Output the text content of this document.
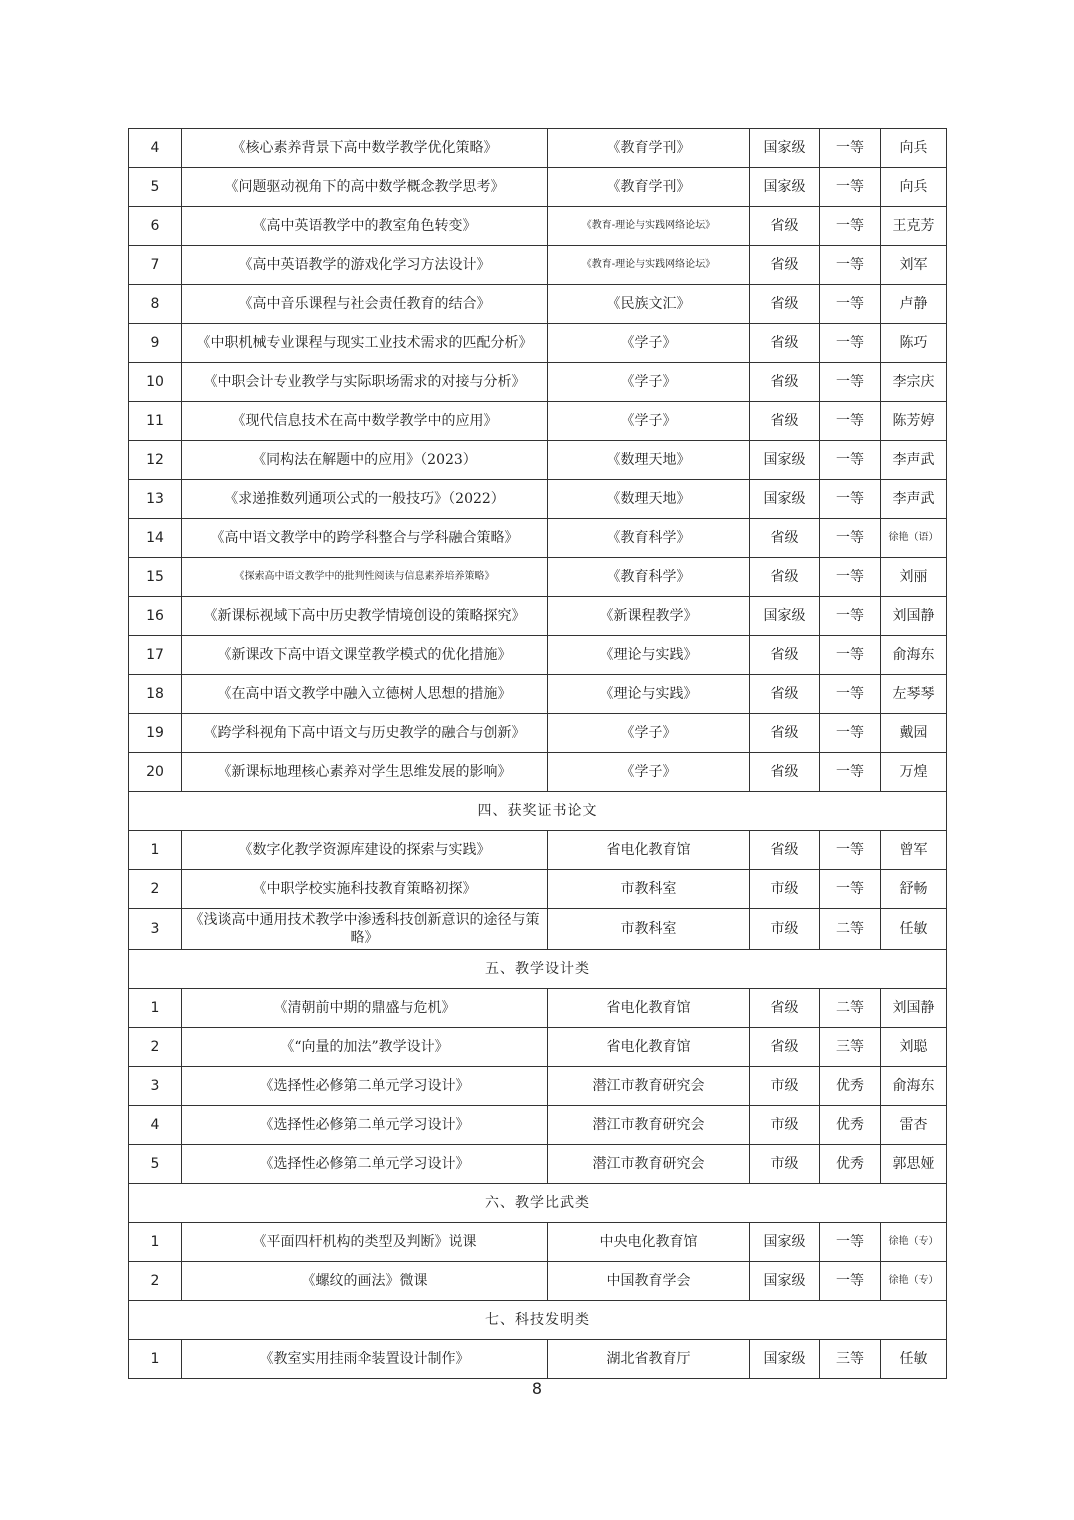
4	《核心素养背景下高中数学教学优化策略》	《教育学刊》	国家级	一等	向兵
5	《问题驱动视角下的高中数学概念教学思考》	《教育学刊》	国家级	一等	向兵
6	《高中英语教学中的教室角色转变》	《教育-理论与实践网络论坛》	省级	一等	王克芳
7	《高中英语教学的游戏化学习方法设计》	《教育-理论与实践网络论坛》	省级	一等	刘军
8	《高中音乐课程与社会责任教育的结合》	《民族文汇》	省级	一等	卢静
9	《中职机械专业课程与现实工业技术需求的匹配分析》	《学子》	省级	一等	陈巧
10	《中职会计专业教学与实际职场需求的对接与分析》	《学子》	省级	一等	李宗庆
11	《现代信息技术在高中数学教学中的应用》	《学子》	省级	一等	陈芳婷
12	《同构法在解题中的应用》（2023）	《数理天地》	国家级	一等	李声武
13	《求递推数列通项公式的一般技巧》（2022）	《数理天地》	国家级	一等	李声武
14	《高中语文教学中的跨学科整合与学科融合策略》	《教育科学》	省级	一等	徐艳（语）
15	《探索高中语文教学中的批判性阅读与信息素养培养策略》	《教育科学》	省级	一等	刘丽
16	《新课标视域下高中历史教学情境创设的策略探究》	《新课程教学》	国家级	一等	刘国静
17	《新课改下高中语文课堂教学模式的优化措施》	《理论与实践》	省级	一等	俞海东
18	《在高中语文教学中融入立德树人思想的措施》	《理论与实践》	省级	一等	左琴琴
19	《跨学科视角下高中语文与历史教学的融合与创新》	《学子》	省级	一等	戴园
20	《新课标地理核心素养对学生思维发展的影响》	《学子》	省级	一等	万煌
四、获奖证书论文					
1	《数字化教学资源库建设的探索与实践》	省电化教育馆	省级	一等	曾军
2	《中职学校实施科技教育策略初探》	市教科室	市级	一等	舒畅
3	《浅谈高中通用技术教学中渗透科技创新意识的途径与策略》	市教科室	市级	二等	任敏
五、教学设计类					
1	《清朝前中期的鼎盛与危机》	省电化教育馆	省级	二等	刘国静
2	《“向量的加法”教学设计》	省电化教育馆	省级	三等	刘聪
3	《选择性必修第二单元学习设计》	潜江市教育研究会	市级	优秀	俞海东
4	《选择性必修第二单元学习设计》	潜江市教育研究会	市级	优秀	雷杏
5	《选择性必修第二单元学习设计》	潜江市教育研究会	市级	优秀	郭思娅
六、教学比武类					
1	《平面四杆机构的类型及判断》说课	中央电化教育馆	国家级	一等	徐艳（专）
2	《螺纹的画法》微课	中国教育学会	国家级	一等	徐艳（专）
七、科技发明类					
1	《教室实用挂雨伞装置设计制作》	湖北省教育厅	国家级	三等	任敏
8
